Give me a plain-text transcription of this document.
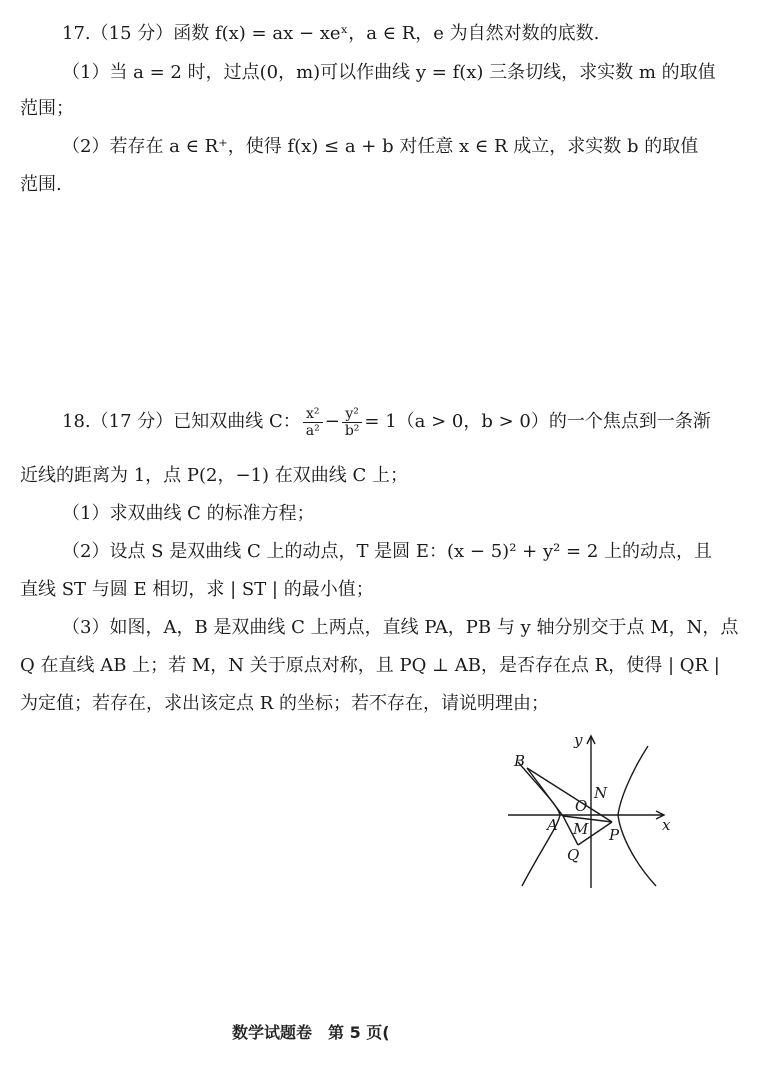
17.（15 分）函数 f(x) = ax − xeˣ，a ∈ R，e 为自然对数的底数.
（1）当 a = 2 时，过点(0，m)可以作曲线 y = f(x) 三条切线，求实数 m 的取值
范围；
（2）若存在 a ∈ R⁺，使得 f(x) ≤ a + b 对任意 x ∈ R 成立，求实数 b 的取值
范围.
18.（17 分）已知双曲线 C： $\frac{\text{x²}}{\text{a²}} - \frac{\text{y²}}{\text{b²}} = 1(a > 0$，b > 0）的一个焦点到一条渐
近线的距离为 1，点 P(2，−1) 在双曲线 C 上；
（1）求双曲线 C 的标准方程；
（2）设点 S 是双曲线 C 上的动点，T 是圆 E：(x − 5)² + y² = 2 上的动点，且
直线 ST 与圆 E 相切，求 | ST | 的最小值；
（3）如图，A，B 是双曲线 C 上两点，直线 PA，PB 与 y 轴分别交于点 M，N，点
Q 在直线 AB 上；若 M，N 关于原点对称，且 PQ ⊥ AB，是否存在点 R，使得 | QR |
为定值；若存在，求出该定点 R 的坐标；若不存在，请说明理由；
y
x
B
N
O
A M P
Q
数学试题卷　第 5 页(
